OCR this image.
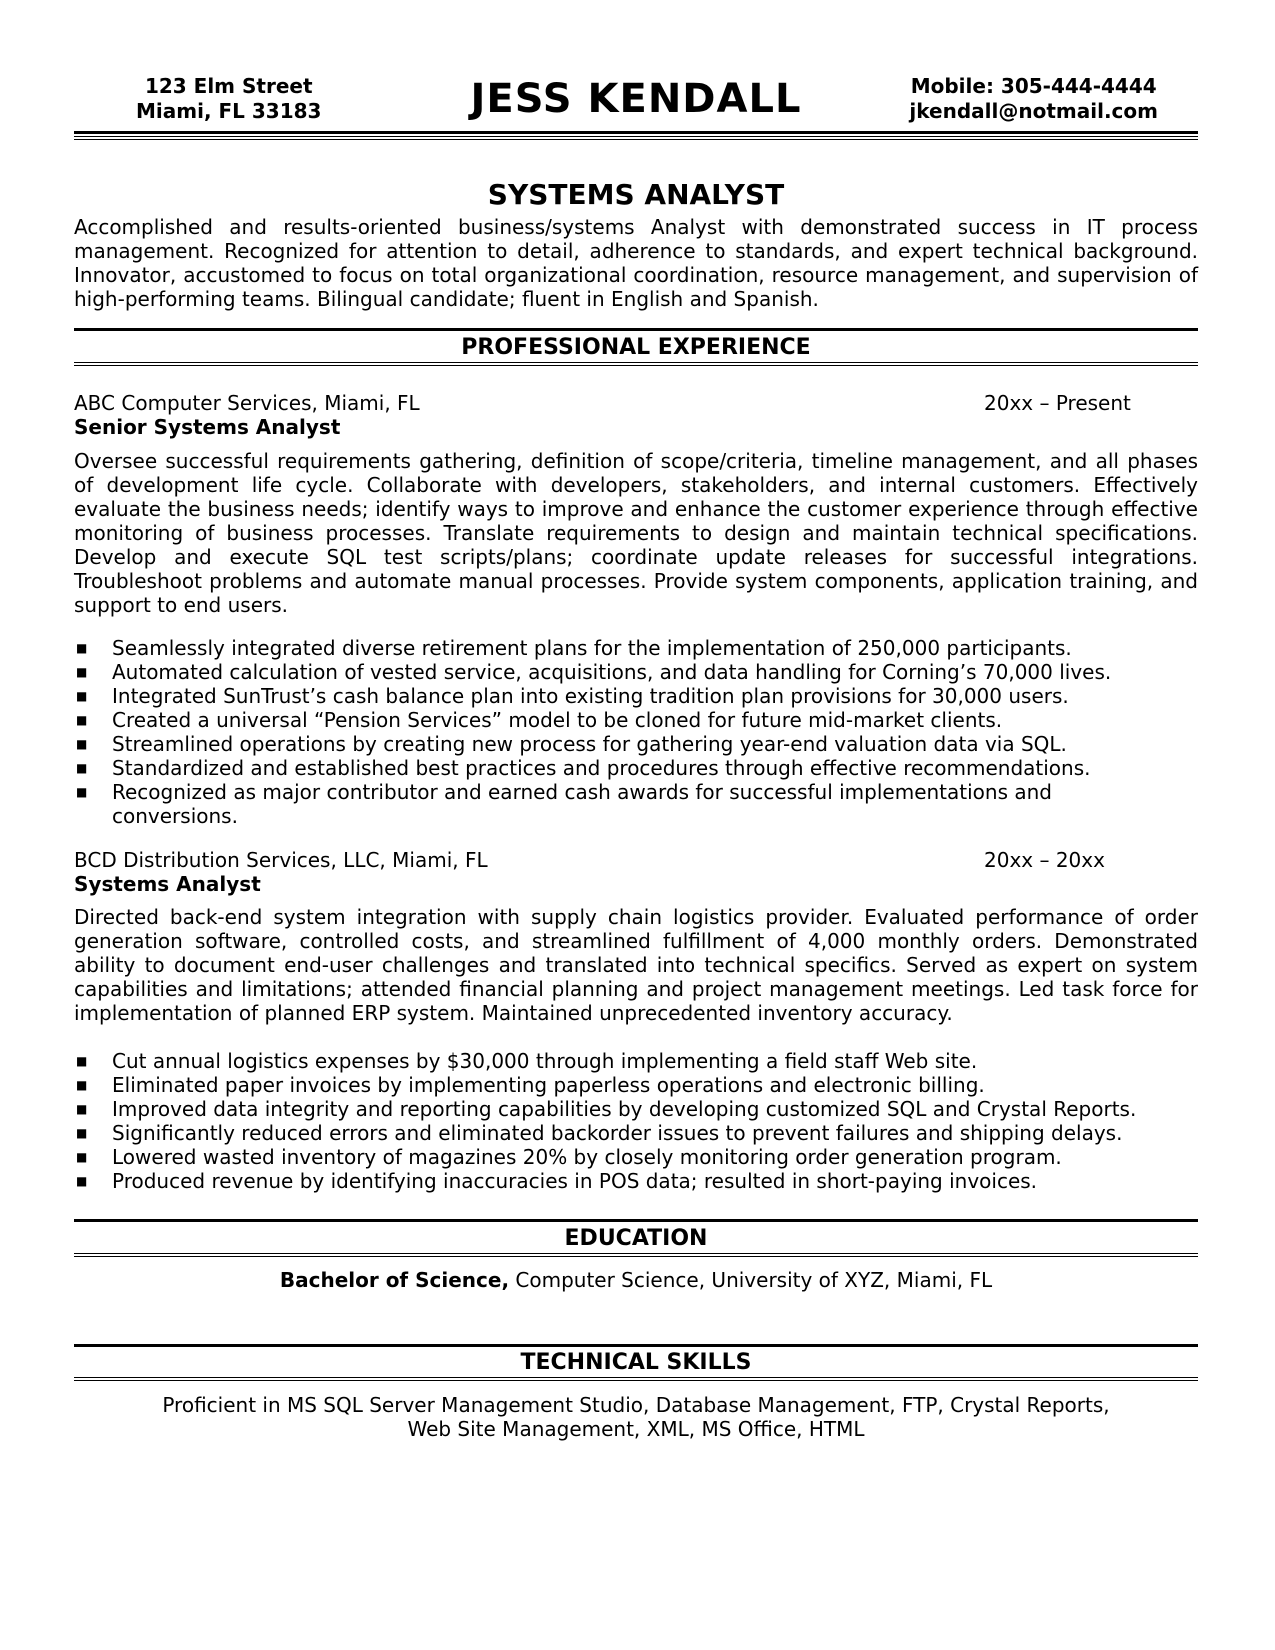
123 Elm Street
Miami, FL 33183	JESS KENDALL	Mobile: 305-444-4444
jkendall@notmail.com
SYSTEMS ANALYST
Accomplished and results-oriented business/systems Analyst with demonstrated success in IT process management. Recognized for attention to detail, adherence to standards, and expert technical background. Innovator, accustomed to focus on total organizational coordination, resource management, and supervision of high-performing teams. Bilingual candidate; fluent in English and Spanish.
PROFESSIONAL EXPERIENCE
ABC Computer Services, Miami, FL	20xx – Present
Senior Systems Analyst
Oversee successful requirements gathering, definition of scope/criteria, timeline management, and all phases of development life cycle. Collaborate with developers, stakeholders, and internal customers. Effectively evaluate the business needs; identify ways to improve and enhance the customer experience through effective monitoring of business processes. Translate requirements to design and maintain technical specifications. Develop and execute SQL test scripts/plans; coordinate update releases for successful integrations. Troubleshoot problems and automate manual processes. Provide system components, application training, and support to end users.
■ Seamlessly integrated diverse retirement plans for the implementation of 250,000 participants.
■ Automated calculation of vested service, acquisitions, and data handling for Corning’s 70,000 lives.
■ Integrated SunTrust’s cash balance plan into existing tradition plan provisions for 30,000 users.
■ Created a universal “Pension Services” model to be cloned for future mid-market clients.
■ Streamlined operations by creating new process for gathering year-end valuation data via SQL.
■ Standardized and established best practices and procedures through effective recommendations.
■ Recognized as major contributor and earned cash awards for successful implementations and conversions.
BCD Distribution Services, LLC, Miami, FL	20xx – 20xx
Systems Analyst
Directed back-end system integration with supply chain logistics provider. Evaluated performance of order generation software, controlled costs, and streamlined fulfillment of 4,000 monthly orders. Demonstrated ability to document end-user challenges and translated into technical specifics. Served as expert on system capabilities and limitations; attended financial planning and project management meetings. Led task force for implementation of planned ERP system. Maintained unprecedented inventory accuracy.
■ Cut annual logistics expenses by $30,000 through implementing a field staff Web site.
■ Eliminated paper invoices by implementing paperless operations and electronic billing.
■ Improved data integrity and reporting capabilities by developing customized SQL and Crystal Reports.
■ Significantly reduced errors and eliminated backorder issues to prevent failures and shipping delays.
■ Lowered wasted inventory of magazines 20% by closely monitoring order generation program.
■ Produced revenue by identifying inaccuracies in POS data; resulted in short-paying invoices.
EDUCATION
Bachelor of Science, Computer Science, University of XYZ, Miami, FL
TECHNICAL SKILLS
Proficient in MS SQL Server Management Studio, Database Management, FTP, Crystal Reports,
Web Site Management, XML, MS Office, HTML
